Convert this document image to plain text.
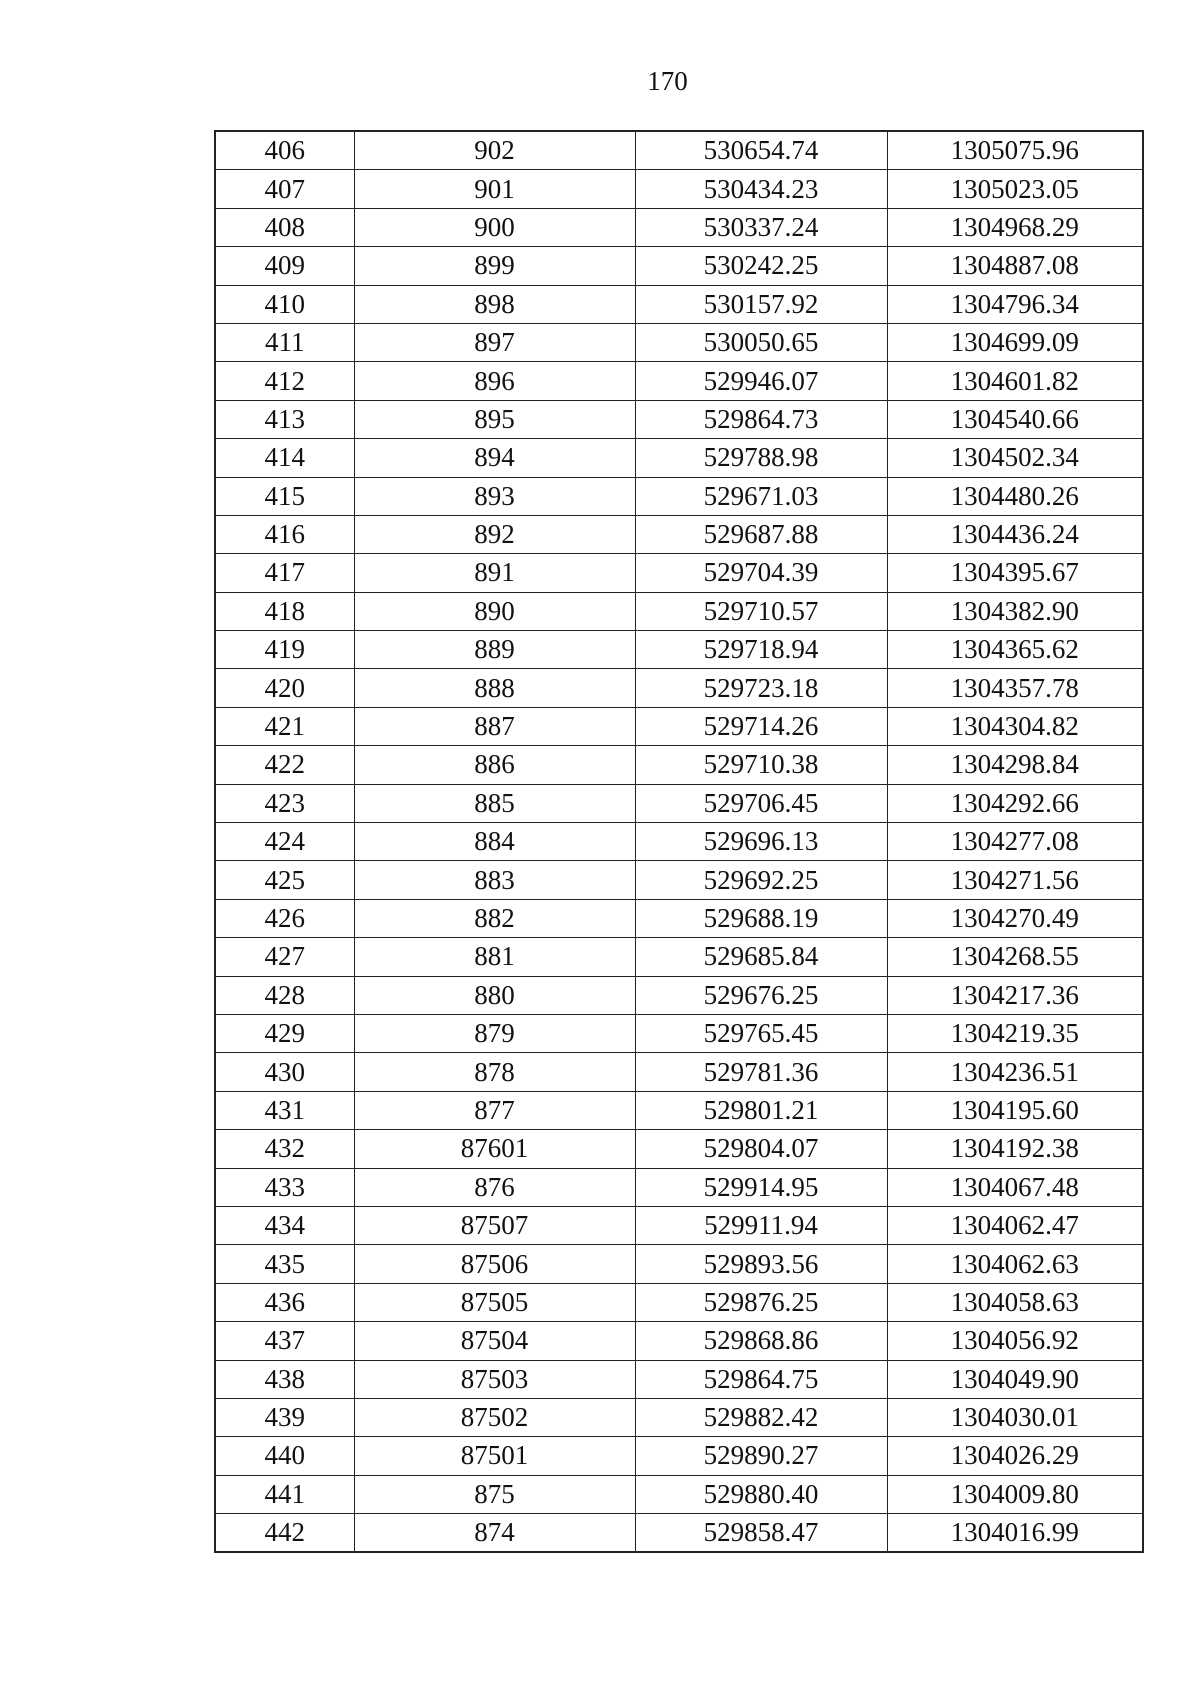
170
406	902	530654.74	1305075.96
407	901	530434.23	1305023.05
408	900	530337.24	1304968.29
409	899	530242.25	1304887.08
410	898	530157.92	1304796.34
411	897	530050.65	1304699.09
412	896	529946.07	1304601.82
413	895	529864.73	1304540.66
414	894	529788.98	1304502.34
415	893	529671.03	1304480.26
416	892	529687.88	1304436.24
417	891	529704.39	1304395.67
418	890	529710.57	1304382.90
419	889	529718.94	1304365.62
420	888	529723.18	1304357.78
421	887	529714.26	1304304.82
422	886	529710.38	1304298.84
423	885	529706.45	1304292.66
424	884	529696.13	1304277.08
425	883	529692.25	1304271.56
426	882	529688.19	1304270.49
427	881	529685.84	1304268.55
428	880	529676.25	1304217.36
429	879	529765.45	1304219.35
430	878	529781.36	1304236.51
431	877	529801.21	1304195.60
432	87601	529804.07	1304192.38
433	876	529914.95	1304067.48
434	87507	529911.94	1304062.47
435	87506	529893.56	1304062.63
436	87505	529876.25	1304058.63
437	87504	529868.86	1304056.92
438	87503	529864.75	1304049.90
439	87502	529882.42	1304030.01
440	87501	529890.27	1304026.29
441	875	529880.40	1304009.80
442	874	529858.47	1304016.99
